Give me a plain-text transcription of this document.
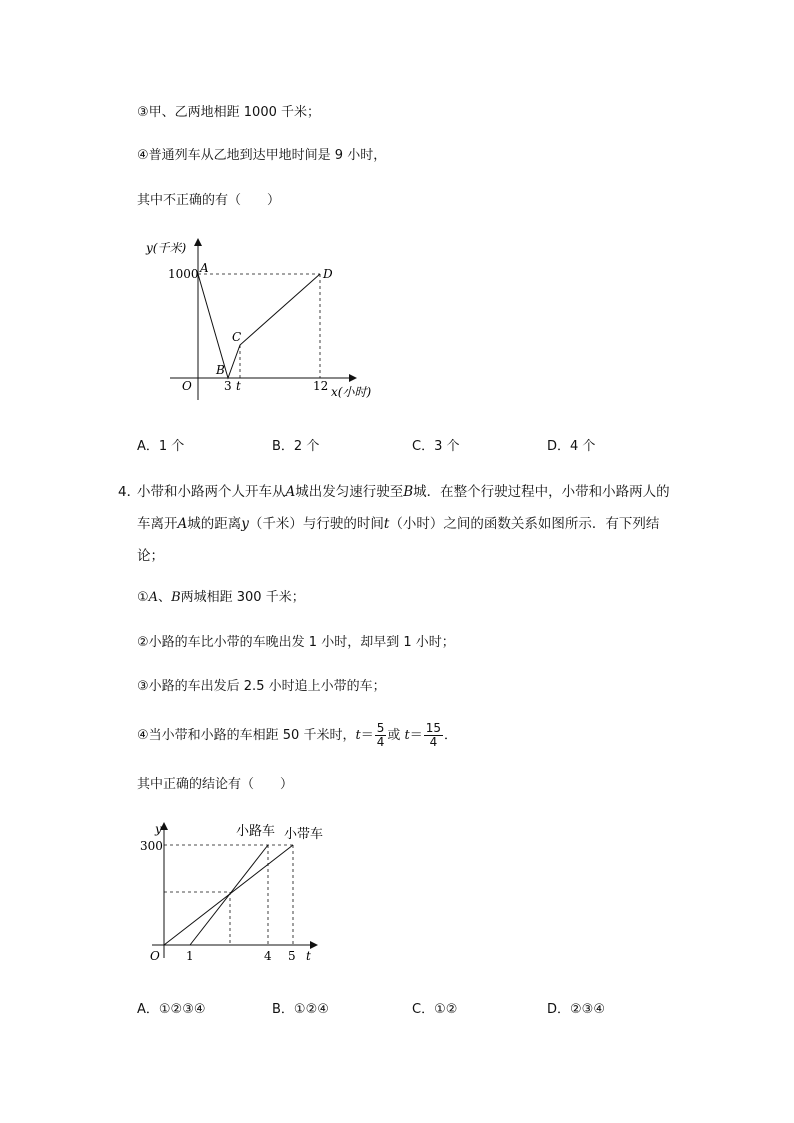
③甲、乙两地相距 1000 千米；
④普通列车从乙地到达甲地时间是 9 小时，
其中不正确的有（　　）
y(千米)
1000 A
B
C
D
O	3 t	12 x(小时)
A．1 个	B．2 个	C．3 个	D．4 个
4．
小带和小路两个人开车从A城出发匀速行驶至B城．在整个行驶过程中，小带和小路两人的车离开A城的距离y（千米）与行驶的时间t（小时）之间的函数关系如图所示．有下列结论；
①A、B两城相距 300 千米；
②小路的车比小带的车晚出发 1 小时，却早到 1 小时；
③小路的车出发后 2.5 小时追上小带的车；
④当小带和小路的车相距 50 千米时，$t= \frac{5}{4}$ 或 $t= \frac{15}{4}$ ．
其中正确的结论有（　　）
小路车 小带车
y
300
O 1	4 5 t
A．①②③④	B．①②④	C．①②	D．②③④
